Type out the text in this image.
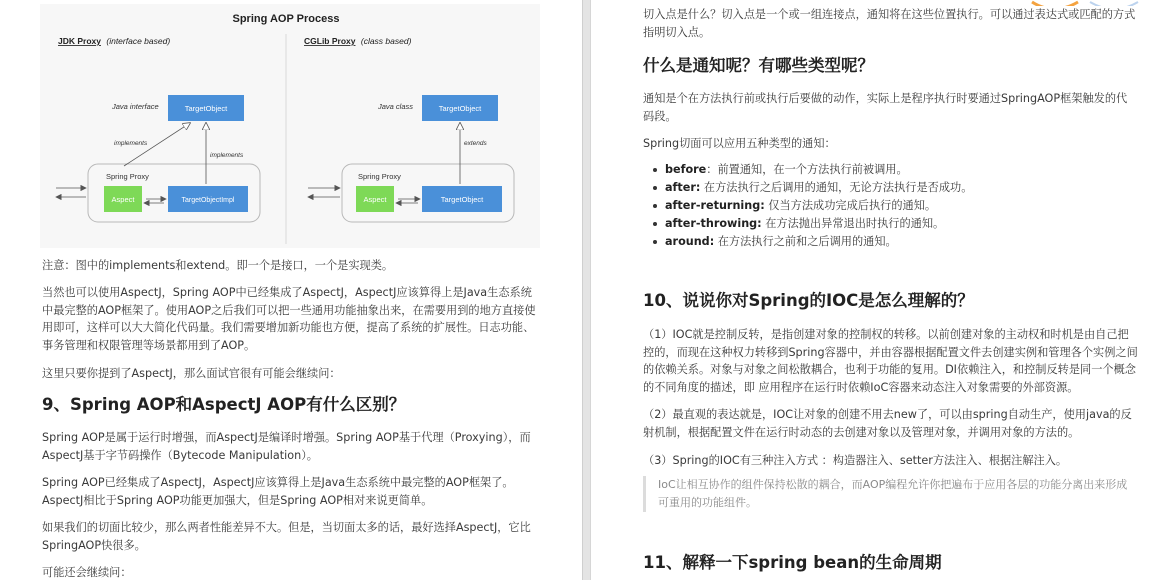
Spring AOP Process
JDK Proxy (interface based)	CGLib Proxy (class based)
Java interface	TargetObject
Spring Proxy
Aspect	TargetObjectImpl
implements
implements
Java class	TargetObject
Spring Proxy
Aspect	TargetObject
extends

注意：图中的implements和extend。即一个是接口，一个是实现类。

当然也可以使用AspectJ，Spring AOP中已经集成了AspectJ，AspectJ应该算得上是Java生态系统中最完整的AOP框架了。使用AOP之后我们可以把一些通用功能抽象出来，在需要用到的地方直接使用即可，这样可以大大简化代码量。我们需要增加新功能也方便，提高了系统的扩展性。日志功能、事务管理和权限管理等场景都用到了AOP。

这里只要你提到了AspectJ，那么面试官很有可能会继续问：

9、Spring AOP和AspectJ AOP有什么区别？

Spring AOP是属于运行时增强，而AspectJ是编译时增强。Spring AOP基于代理（Proxying），而AspectJ基于字节码操作（Bytecode Manipulation）。

Spring AOP已经集成了AspectJ，AspectJ应该算得上是Java生态系统中最完整的AOP框架了。AspectJ相比于Spring AOP功能更加强大，但是Spring AOP相对来说更简单。

如果我们的切面比较少，那么两者性能差异不大。但是，当切面太多的话，最好选择AspectJ，它比SpringAOP快很多。

可能还会继续问：

切入点是什么？切入点是一个或一组连接点，通知将在这些位置执行。可以通过表达式或匹配的方式指明切入点。

什么是通知呢？有哪些类型呢？

通知是个在方法执行前或执行后要做的动作，实际上是程序执行时要通过SpringAOP框架触发的代码段。

Spring切面可以应用五种类型的通知：

before：前置通知，在一个方法执行前被调用。
after: 在方法执行之后调用的通知，无论方法执行是否成功。
after-returning: 仅当方法成功完成后执行的通知。
after-throwing: 在方法抛出异常退出时执行的通知。
around: 在方法执行之前和之后调用的通知。
10、说说你对Spring的IOC是怎么理解的？

（1）IOC就是控制反转，是指创建对象的控制权的转移。以前创建对象的主动权和时机是由自己把控的，而现在这种权力转移到Spring容器中，并由容器根据配置文件去创建实例和管理各个实例之间的依赖关系。对象与对象之间松散耦合，也利于功能的复用。DI依赖注入，和控制反转是同一个概念的不同角度的描述，即 应用程序在运行时依赖IoC容器来动态注入对象需要的外部资源。

（2）最直观的表达就是，IOC让对象的创建不用去new了，可以由spring自动生产，使用java的反射机制，根据配置文件在运行时动态的去创建对象以及管理对象，并调用对象的方法的。

（3）Spring的IOC有三种注入方式 ：构造器注入、setter方法注入、根据注解注入。

IoC让相互协作的组件保持松散的耦合，而AOP编程允许你把遍布于应用各层的功能分离出来形成可重用的功能组件。

11、解释一下spring bean的生命周期
